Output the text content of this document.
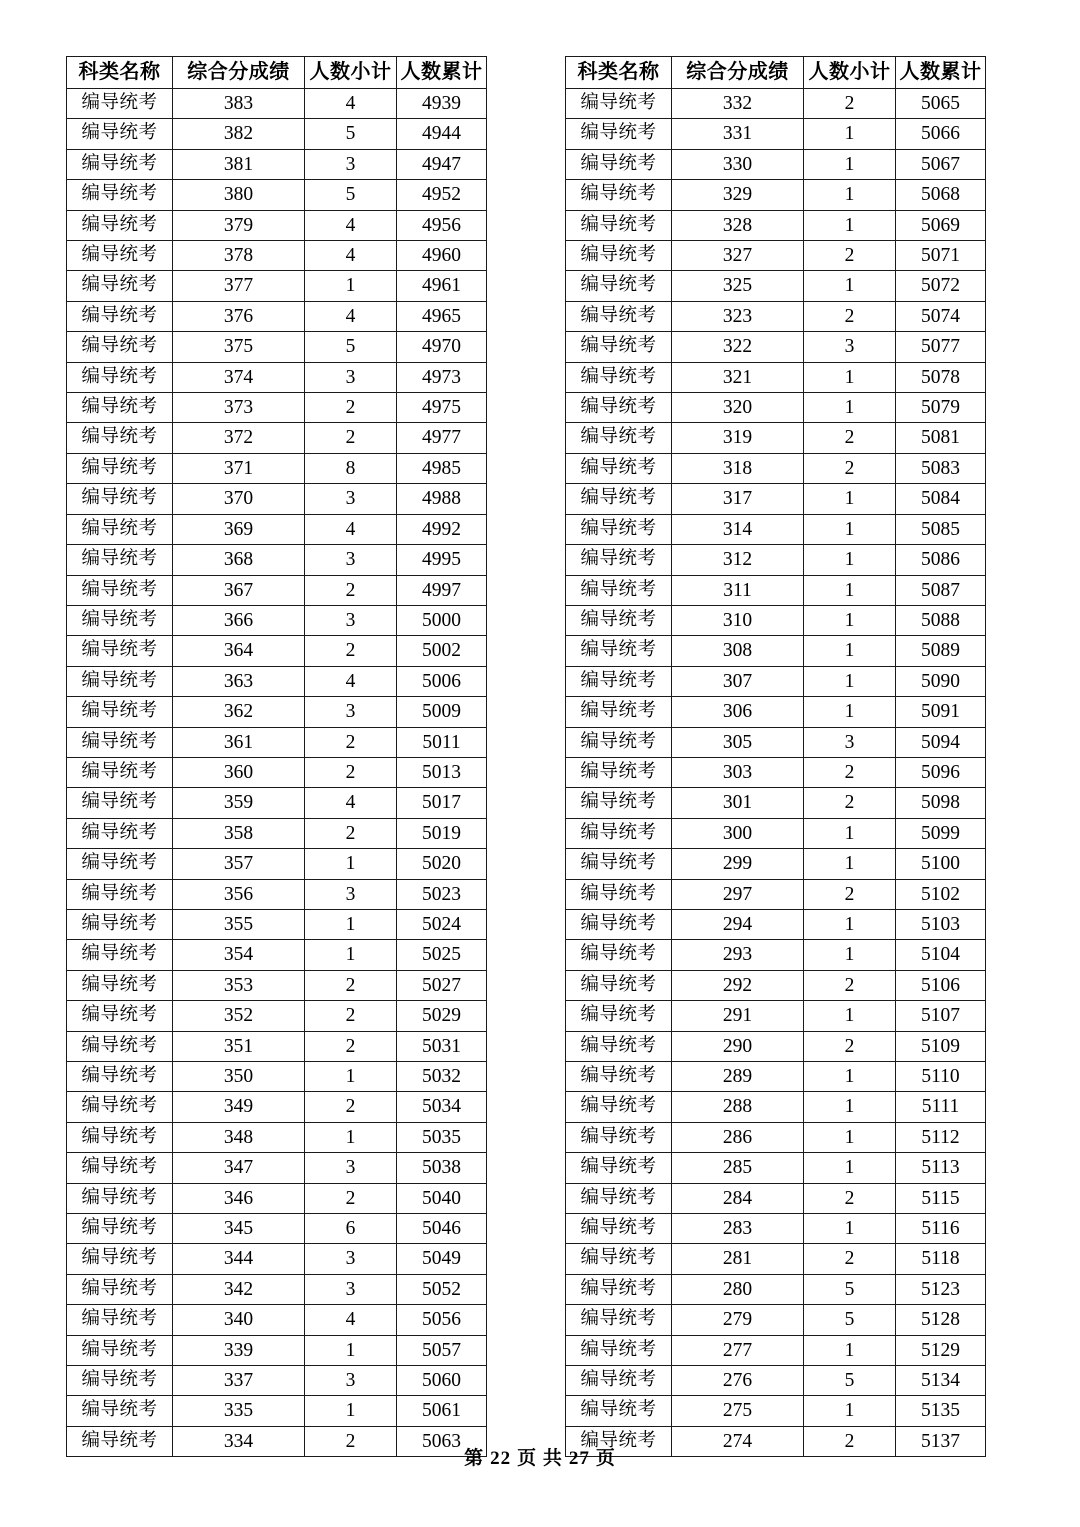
科类名称	综合分成绩	人数小计	人数累计
编导统考	383	4	4939
编导统考	382	5	4944
编导统考	381	3	4947
编导统考	380	5	4952
编导统考	379	4	4956
编导统考	378	4	4960
编导统考	377	1	4961
编导统考	376	4	4965
编导统考	375	5	4970
编导统考	374	3	4973
编导统考	373	2	4975
编导统考	372	2	4977
编导统考	371	8	4985
编导统考	370	3	4988
编导统考	369	4	4992
编导统考	368	3	4995
编导统考	367	2	4997
编导统考	366	3	5000
编导统考	364	2	5002
编导统考	363	4	5006
编导统考	362	3	5009
编导统考	361	2	5011
编导统考	360	2	5013
编导统考	359	4	5017
编导统考	358	2	5019
编导统考	357	1	5020
编导统考	356	3	5023
编导统考	355	1	5024
编导统考	354	1	5025
编导统考	353	2	5027
编导统考	352	2	5029
编导统考	351	2	5031
编导统考	350	1	5032
编导统考	349	2	5034
编导统考	348	1	5035
编导统考	347	3	5038
编导统考	346	2	5040
编导统考	345	6	5046
编导统考	344	3	5049
编导统考	342	3	5052
编导统考	340	4	5056
编导统考	339	1	5057
编导统考	337	3	5060
编导统考	335	1	5061
编导统考	334	2	5063
科类名称	综合分成绩	人数小计	人数累计
编导统考	332	2	5065
编导统考	331	1	5066
编导统考	330	1	5067
编导统考	329	1	5068
编导统考	328	1	5069
编导统考	327	2	5071
编导统考	325	1	5072
编导统考	323	2	5074
编导统考	322	3	5077
编导统考	321	1	5078
编导统考	320	1	5079
编导统考	319	2	5081
编导统考	318	2	5083
编导统考	317	1	5084
编导统考	314	1	5085
编导统考	312	1	5086
编导统考	311	1	5087
编导统考	310	1	5088
编导统考	308	1	5089
编导统考	307	1	5090
编导统考	306	1	5091
编导统考	305	3	5094
编导统考	303	2	5096
编导统考	301	2	5098
编导统考	300	1	5099
编导统考	299	1	5100
编导统考	297	2	5102
编导统考	294	1	5103
编导统考	293	1	5104
编导统考	292	2	5106
编导统考	291	1	5107
编导统考	290	2	5109
编导统考	289	1	5110
编导统考	288	1	5111
编导统考	286	1	5112
编导统考	285	1	5113
编导统考	284	2	5115
编导统考	283	1	5116
编导统考	281	2	5118
编导统考	280	5	5123
编导统考	279	5	5128
编导统考	277	1	5129
编导统考	276	5	5134
编导统考	275	1	5135
编导统考	274	2	5137
第 22 页 共 27 页
